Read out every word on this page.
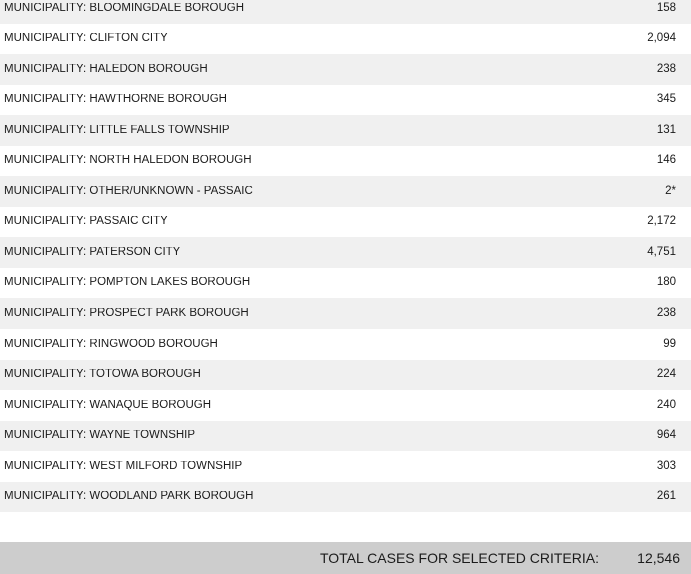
MUNICIPALITY: BLOOMINGDALE BOROUGH	158
MUNICIPALITY: CLIFTON CITY	2,094
MUNICIPALITY: HALEDON BOROUGH	238
MUNICIPALITY: HAWTHORNE BOROUGH	345
MUNICIPALITY: LITTLE FALLS TOWNSHIP	131
MUNICIPALITY: NORTH HALEDON BOROUGH	146
MUNICIPALITY: OTHER/UNKNOWN - PASSAIC	2*
MUNICIPALITY: PASSAIC CITY	2,172
MUNICIPALITY: PATERSON CITY	4,751
MUNICIPALITY: POMPTON LAKES BOROUGH	180
MUNICIPALITY: PROSPECT PARK BOROUGH	238
MUNICIPALITY: RINGWOOD BOROUGH	99
MUNICIPALITY: TOTOWA BOROUGH	224
MUNICIPALITY: WANAQUE BOROUGH	240
MUNICIPALITY: WAYNE TOWNSHIP	964
MUNICIPALITY: WEST MILFORD TOWNSHIP	303
MUNICIPALITY: WOODLAND PARK BOROUGH	261
TOTAL CASES FOR SELECTED CRITERIA:	12,546
